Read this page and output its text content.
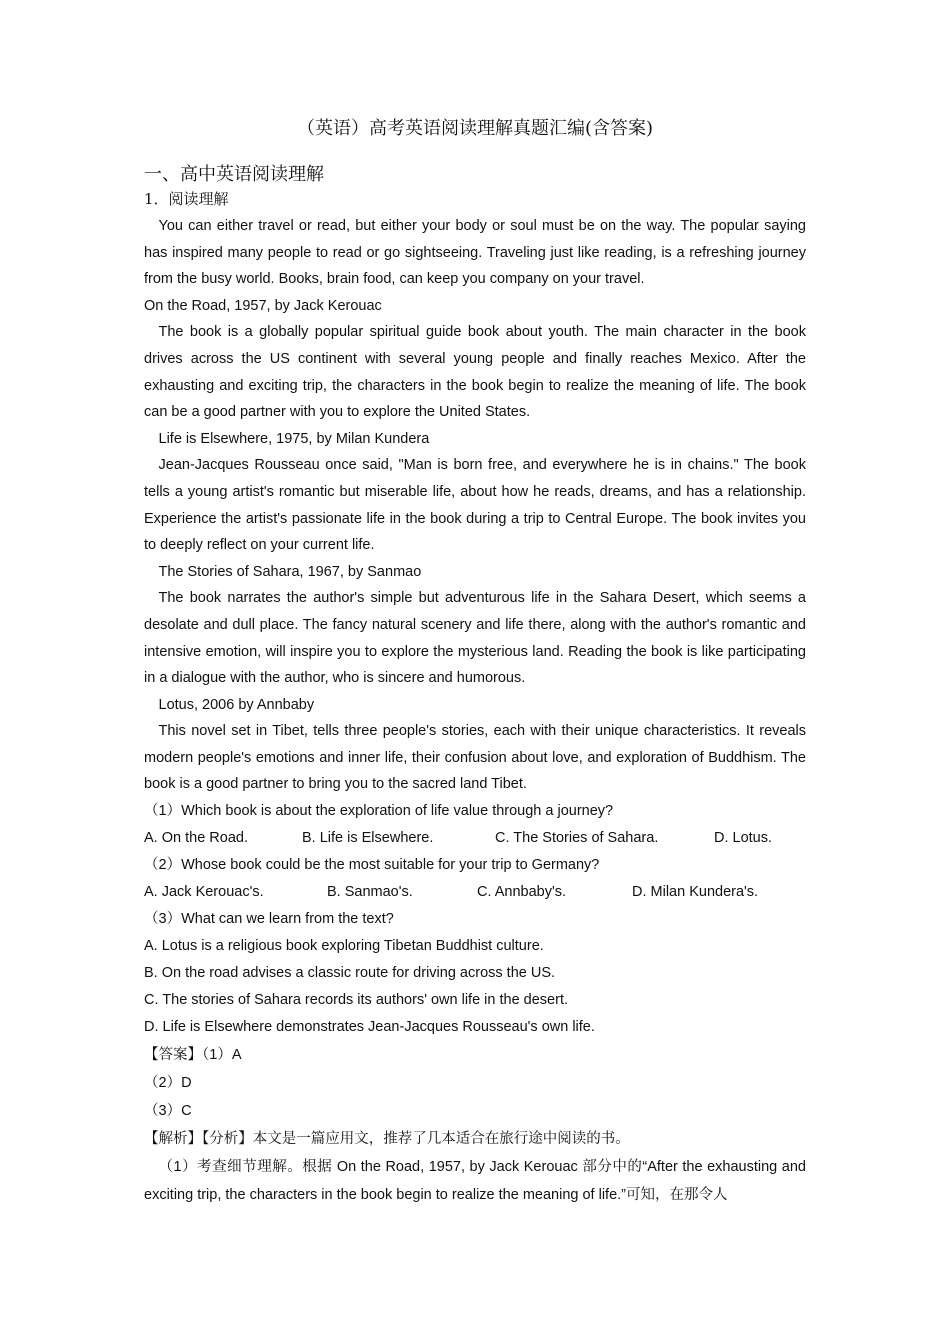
（英语）高考英语阅读理解真题汇编(含答案)
一、高中英语阅读理解
1．阅读理解

You can either travel or read, but either your body or soul must be on the way. The popular saying has inspired many people to read or go sightseeing. Traveling just like reading, is a refreshing journey from the busy world. Books, brain food, can keep you company on your travel.

On the Road, 1957, by Jack Kerouac

The book is a globally popular spiritual guide book about youth. The main character in the book drives across the US continent with several young people and finally reaches Mexico. After the exhausting and exciting trip, the characters in the book begin to realize the meaning of life. The book can be a good partner with you to explore the United States.

Life is Elsewhere, 1975, by Milan Kundera

Jean-Jacques Rousseau once said, "Man is born free, and everywhere he is in chains." The book tells a young artist's romantic but miserable life, about how he reads, dreams, and has a relationship. Experience the artist's passionate life in the book during a trip to Central Europe. The book invites you to deeply reflect on your current life.

The Stories of Sahara, 1967, by Sanmao

The book narrates the author's simple but adventurous life in the Sahara Desert, which seems a desolate and dull place. The fancy natural scenery and life there, along with the author's romantic and intensive emotion, will inspire you to explore the mysterious land. Reading the book is like participating in a dialogue with the author, who is sincere and humorous.

Lotus, 2006 by Annbaby

This novel set in Tibet, tells three people's stories, each with their unique characteristics. It reveals modern people's emotions and inner life, their confusion about love, and exploration of Buddhism. The book is a good partner to bring you to the sacred land Tibet.

（1）Which book is about the exploration of life value through a journey?

A. On the Road.	B. Life is Elsewhere.	C. The Stories of Sahara.	D. Lotus.

（2）Whose book could be the most suitable for your trip to Germany?

A. Jack Kerouac's.	B. Sanmao's.	C. Annbaby's.	D. Milan Kundera's.

（3）What can we learn from the text?

A. Lotus is a religious book exploring Tibetan Buddhist culture.

B. On the road advises a classic route for driving across the US.

C. The stories of Sahara records its authors' own life in the desert.

D. Life is Elsewhere demonstrates Jean-Jacques Rousseau's own life.

【答案】（1）A

（2）D

（3）C

【解析】【分析】本文是一篇应用文，推荐了几本适合在旅行途中阅读的书。

（1）考查细节理解。根据 On the Road, 1957, by Jack Kerouac 部分中的“After the exhausting and exciting trip, the characters in the book begin to realize the meaning of life.”可知，在那令人
